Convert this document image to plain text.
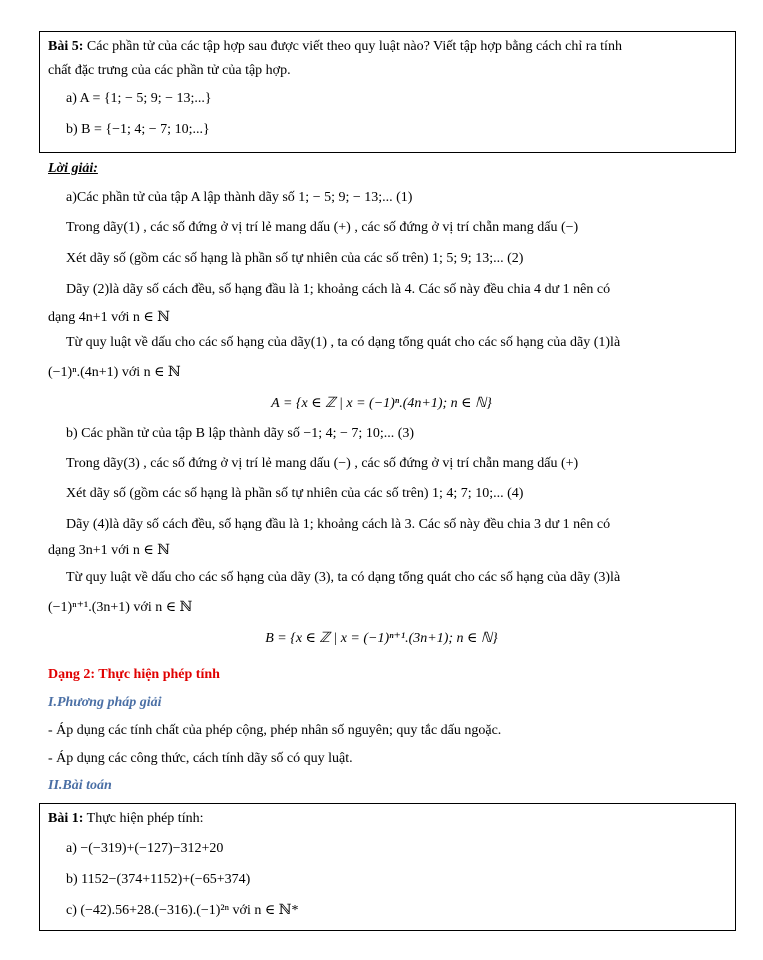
Bài 5: Các phần tử của các tập hợp sau được viết theo quy luật nào? Viết tập hợp bằng cách chỉ ra tính
chất đặc trưng của các phần tử của tập hợp.
a) A = {1; − 5; 9; − 13;...}
b) B = {−1; 4; − 7; 10;...}
Lời giải:
a)Các phần tử của tập A lập thành dãy số 1; − 5; 9; − 13;... (1)
Trong dãy(1) , các số đứng ở vị trí lẻ mang dấu (+) , các số đứng ở vị trí chẵn mang dấu (−)
Xét dãy số (gồm các số hạng là phần số tự nhiên của các số trên) 1; 5; 9; 13;... (2)
Dãy (2)là dãy số cách đều, số hạng đầu là 1; khoảng cách là 4. Các số này đều chia 4 dư 1 nên có
dạng 4n+1 với n ∈ ℕ
Từ quy luật về dấu cho các số hạng của dãy(1) , ta có dạng tổng quát cho các số hạng của dãy (1)là
(−1)ⁿ.(4n+1) với n ∈ ℕ
A = {x ∈ ℤ | x = (−1)ⁿ.(4n+1); n ∈ ℕ}
b) Các phần tử của tập B lập thành dãy số −1; 4; − 7; 10;... (3)
Trong dãy(3) , các số đứng ở vị trí lẻ mang dấu (−) , các số đứng ở vị trí chẵn mang dấu (+)
Xét dãy số (gồm các số hạng là phần số tự nhiên của các số trên) 1; 4; 7; 10;... (4)
Dãy (4)là dãy số cách đều, số hạng đầu là 1; khoảng cách là 3. Các số này đều chia 3 dư 1 nên có
dạng 3n+1 với n ∈ ℕ
Từ quy luật về dấu cho các số hạng của dãy (3), ta có dạng tổng quát cho các số hạng của dãy (3)là
(−1)ⁿ⁺¹.(3n+1) với n ∈ ℕ
B = {x ∈ ℤ | x = (−1)ⁿ⁺¹.(3n+1); n ∈ ℕ}
Dạng 2: Thực hiện phép tính
I.Phương pháp giải
- Áp dụng các tính chất của phép cộng, phép nhân số nguyên; quy tắc dấu ngoặc.
- Áp dụng các công thức, cách tính dãy số có quy luật.
II.Bài toán
Bài 1: Thực hiện phép tính:
a) −(−319)+(−127)−312+20
b) 1152−(374+1152)+(−65+374)
c) (−42).56+28.(−316).(−1)²ⁿ với n ∈ ℕ*
